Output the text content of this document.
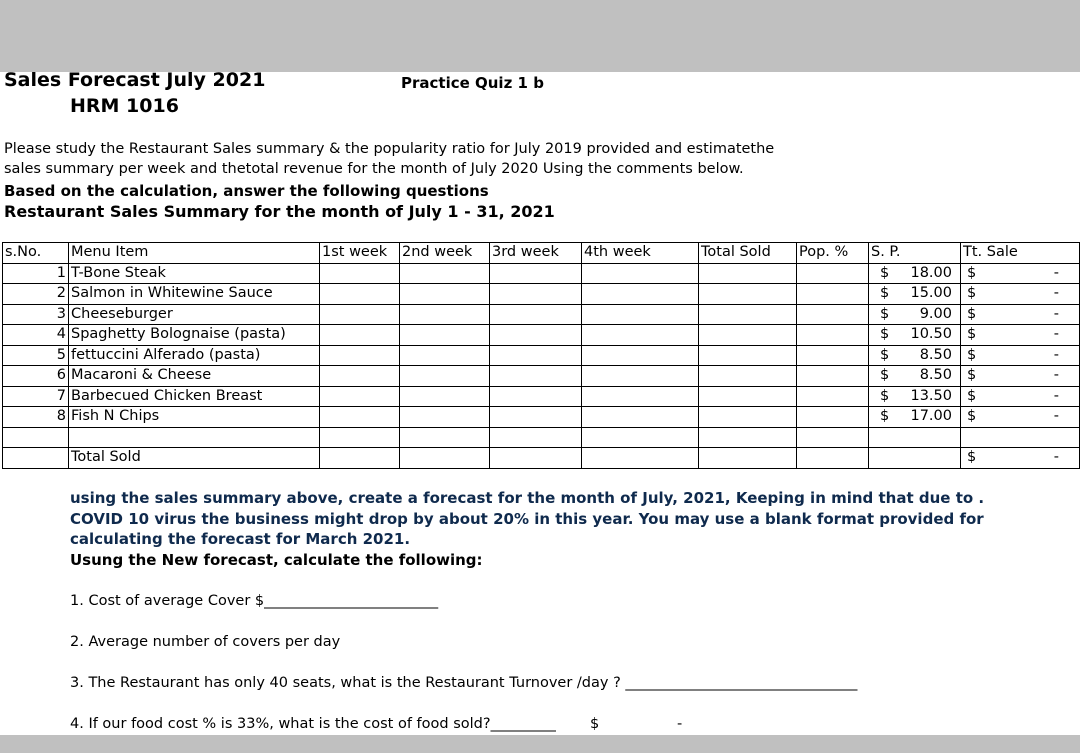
Sales Forecast July 2021	Practice Quiz 1 b
HRM 1016
Please study the Restaurant Sales summary & the popularity ratio for July 2019 provided and estimatethe
sales summary per week and thetotal revenue for the month of July 2020 Using the comments below.
Based on the calculation, answer the following questions
Restaurant Sales Summary for the month of July 1 - 31, 2021
s.No.	Menu Item	1st week	2nd week	3rd week	4th week	Total Sold	Pop. %	S. P.	Tt. Sale
1	T-Bone Steak							$ 18.00	$ -

2	Salmon in Whitewine Sauce							$ 15.00	$ -

3	Cheeseburger							$ 9.00	$ -

4	Spaghetty Bolognaise (pasta)							$ 10.50	$ -

5	fettuccini Alferado (pasta)							$ 8.50	$ -

6	Macaroni & Cheese							$ 8.50	$ -

7	Barbecued Chicken Breast							$ 13.50	$ -

8	Fish N Chips							$ 17.00	$ -

	Total Sold								$ -
using the sales summary above, create a forecast for the month of July, 2021, Keeping in mind that due to .
COVID 10 virus the business might drop by about 20% in this year. You may use a blank format provided for
calculating the forecast for March 2021.
Usung the New forecast, calculate the following:
1. Cost of average Cover $________________________
2. Average number of covers per day
3. The Restaurant has only 40 seats, what is the Restaurant Turnover /day ? ________________________________
4. If our food cost % is 33%, what is the cost of food sold?_________ $	-
